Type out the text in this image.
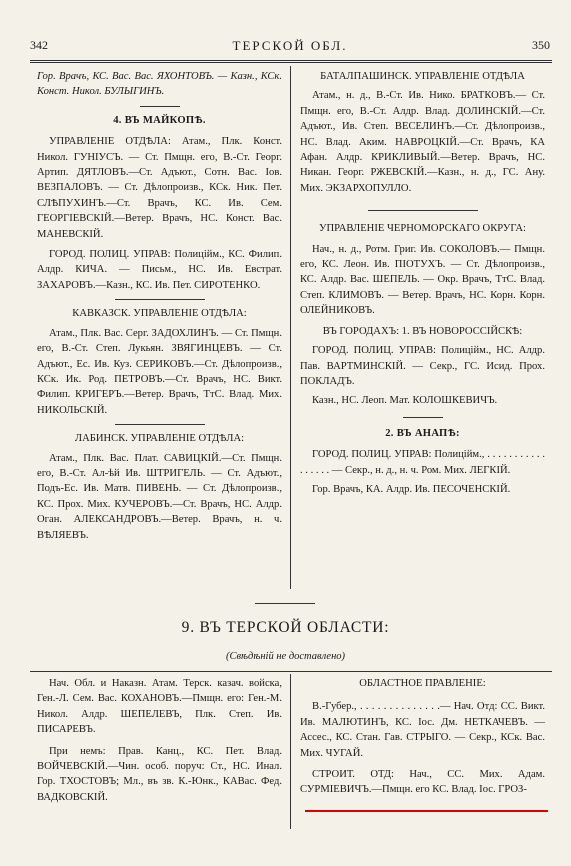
342	ТЕРСКОЙ ОБЛ.	350

Гор. Врачъ, КС. Вас. Вас. ЯХОНТОВЪ. — Казн., КСк. Конст. Никол. БУЛЫГИНЪ.

4. ВЪ МАЙКОПѢ.

УПРАВЛЕНІЕ ОТДѢЛА: Атам., Плк. Конст. Никол. ГУНІУСЪ. — Ст. Пмщн. его, В.-Ст. Георг. Артип. ДЯТЛОВЪ.—Ст. Адъют., Сотн. Вас. Іов. ВЕЗПАЛОВЪ. — Ст. Дѣлопроизв., КСк. Ник. Пет. СЛѢПУХИНЪ.—Ст. Врачъ, КС. Ив. Сем. ГЕОРГІЕВСКІЙ.—Ветер. Врачъ, НС. Конст. Вас. МАНЕВСКІЙ.

ГОРОД. ПОЛИЦ. УПРАВ: Полицiйм., КС. Филип. Алдр. КИЧА. — Письм., НС. Ив. Евстрат. ЗАХАРОВЪ.—Казн., КС. Ив. Пет. СИРОТЕНКО.

КАВКАЗСК. УПРАВЛЕНІЕ ОТДѢЛА:

Атам., Плк. Вас. Серг. ЗАДОХЛИНЪ. — Ст. Пмщн. его, В.-Ст. Степ. Лукьян. ЗВЯГИНЦЕВЪ. — Ст. Адъют., Ес. Ив. Куз. СЕРИКОВЪ.—Ст. Дѣлопроизв., КСк. Ик. Род. ПЕТРОВЪ.—Ст. Врачъ, НС. Викт. Филип. КРИГЕРЪ.—Ветер. Врачъ, ТтС. Влад. Мих. НИКОЛЬСКІЙ.

ЛАБИНСК. УПРАВЛЕНІЕ ОТДѢЛА:

Атам., Плк. Вас. Плат. САВИЦКІЙ.—Ст. Пмщн. его, В.-Ст. Ал-ѣй Ив. ШТРИГЕЛЬ. — Ст. Адъют., Подъ-Ес. Ив. Матв. ПИВЕНЬ. — Ст. Дѣлопроизв., КС. Прох. Мих. КУЧЕРОВЪ.—Ст. Врачъ, НС. Алдр. Оган. АЛЕКСАНДРОВЪ.—Ветер. Врачъ, н. ч. ВѢЛЯЕВЪ.

БАТАЛПАШИНСК. УПРАВЛЕНІЕ ОТДѢЛА

Атам., н. д., В.-Ст. Ив. Нико. БРАТКОВЪ.— Ст. Пмщн. его, В.-Ст. Алдр. Влад. ДОЛИНСКІЙ.—Ст. Адъют., Ив. Степ. ВЕСЕЛИНЪ.—Ст. Дѣлопроизв., НС. Влад. Аким. НАВРОЦКІЙ.—Ст. Врачъ, КА Афан. Алдр. КРИКЛИВЫЙ.—Ветер. Врачъ, НС. Никан. Георг. РЖЕВСКІЙ.—Казн., н. д., ГС. Ану. Мих. ЭКЗАРХОПУЛЛО.

УПРАВЛЕНІЕ ЧЕРНОМОРСКАГО ОКРУГА:

Нач., н. д., Ротм. Григ. Ив. СОКОЛОВЪ.— Пмщн. его, КС. Леон. Ив. ПІОТУХЪ. — Ст. Дѣлопроизв., КС. Алдр. Вас. ШЕПЕЛЬ. — Окр. Врачъ, ТтС. Влад. Степ. КЛИМОВЪ. — Ветер. Врачъ, НС. Корн. Корн. ОЛЕЙНИКОВЪ.

ВЪ ГОРОДАХЪ: 1. ВЪ НОВОРОССІЙСКѢ:

ГОРОД. ПОЛИЦ. УПРАВ: Полицiйм., НС. Алдр. Пав. ВАРТМИНСКІЙ. — Секр., ГС. Исид. Прох. ПОКЛАДЪ.

Казн., НС. Леоп. Мат. КОЛОШКЕВИЧЪ.

2. ВЪ АНАПѢ:

ГОРОД. ПОЛИЦ. УПРАВ: Полицiйм., . . . . . . . . . . . . . . . . . — Секр., н. д., н. ч. Ром. Мих. ЛЕГКІЙ.

Гор. Врачъ, КА. Алдр. Ив. ПЕСОЧЕНСКІЙ.

9. ВЪ ТЕРСКОЙ ОБЛАСТИ:
(Свѣдѣній не доставлено)

Нач. Обл. и Наказн. Атам. Терск. казач. войска, Ген.-Л. Сем. Вас. КОХАНОВЪ.—Пмщн. его: Ген.-М. Никол. Алдр. ШЕПЕЛЕВЪ, Плк. Степ. Ив. ПИСАРЕВЪ.

При немъ: Прав. Канц., КС. Пет. Влад. ВОЙЧЕВСКІЙ.—Чин. особ. поруч: Ст., НС. Инал. Гор. ТХОСТОВЪ; Мл., въ зв. К.-Юнк., КАВас. Фед. ВАДКОВСКІЙ.

ОБЛАСТНОЕ ПРАВЛЕНІЕ:

В.-Губер., . . . . . . . . . . . . . .— Нач. Отд: СС. Викт. Ив. МАЛЮТИНЪ, КС. Іос. Дм. НЕТКАЧЕВЪ. — Ассес., КС. Стан. Гав. СТРЫГО. — Секр., КСк. Вас. Мих. ЧУГАЙ.

СТРОИТ. ОТД: Нач., СС. Мих. Адам. СУРМІЕВИЧЪ.—Пмщн. его КС. Влад. Іос. ГРОЗ-
